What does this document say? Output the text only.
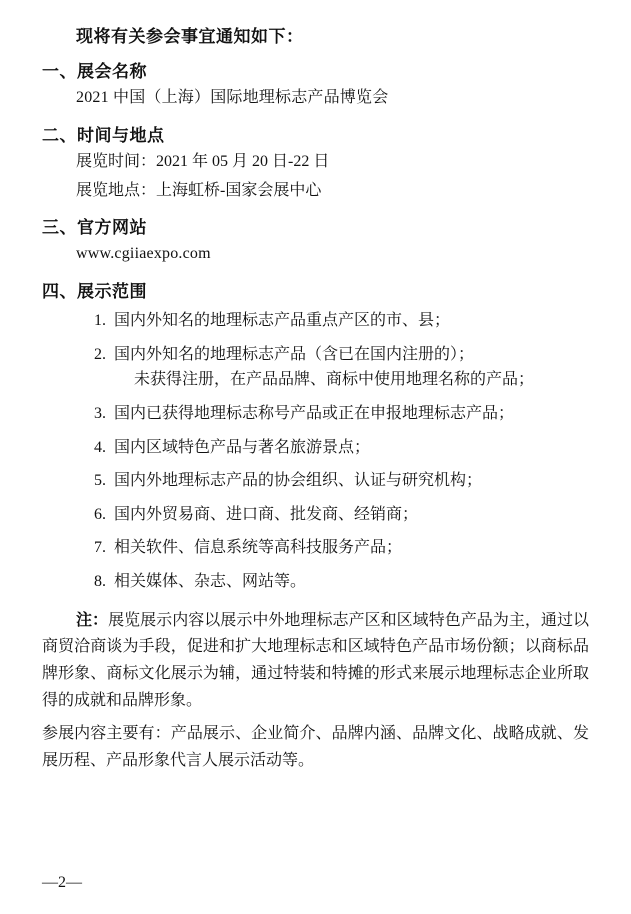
现将有关参会事宜通知如下：

一、展会名称

2021 中国（上海）国际地理标志产品博览会

二、时间与地点

展览时间：2021 年 05 月 20 日-22 日

展览地点：上海虹桥-国家会展中心

三、官方网站

www.cgiiaexpo.com

四、展示范围
1. 国内外知名的地理标志产品重点产区的市、县；
2. 国内外知名的地理标志产品（含已在国内注册的）；
未获得注册，在产品品牌、商标中使用地理名称的产品；
3. 国内已获得地理标志称号产品或正在申报地理标志产品；
4. 国内区域特色产品与著名旅游景点；
5. 国内外地理标志产品的协会组织、认证与研究机构；
6. 国内外贸易商、进口商、批发商、经销商；
7. 相关软件、信息系统等高科技服务产品；
8. 相关媒体、杂志、网站等。

注：展览展示内容以展示中外地理标志产区和区域特色产品为主，通过以商贸洽商谈为手段，促进和扩大地理标志和区域特色产品市场份额；以商标品牌形象、商标文化展示为辅，通过特装和特摊的形式来展示地理标志企业所取得的成就和品牌形象。

参展内容主要有：产品展示、企业简介、品牌内涵、品牌文化、战略成就、发展历程、产品形象代言人展示活动等。

—2—
